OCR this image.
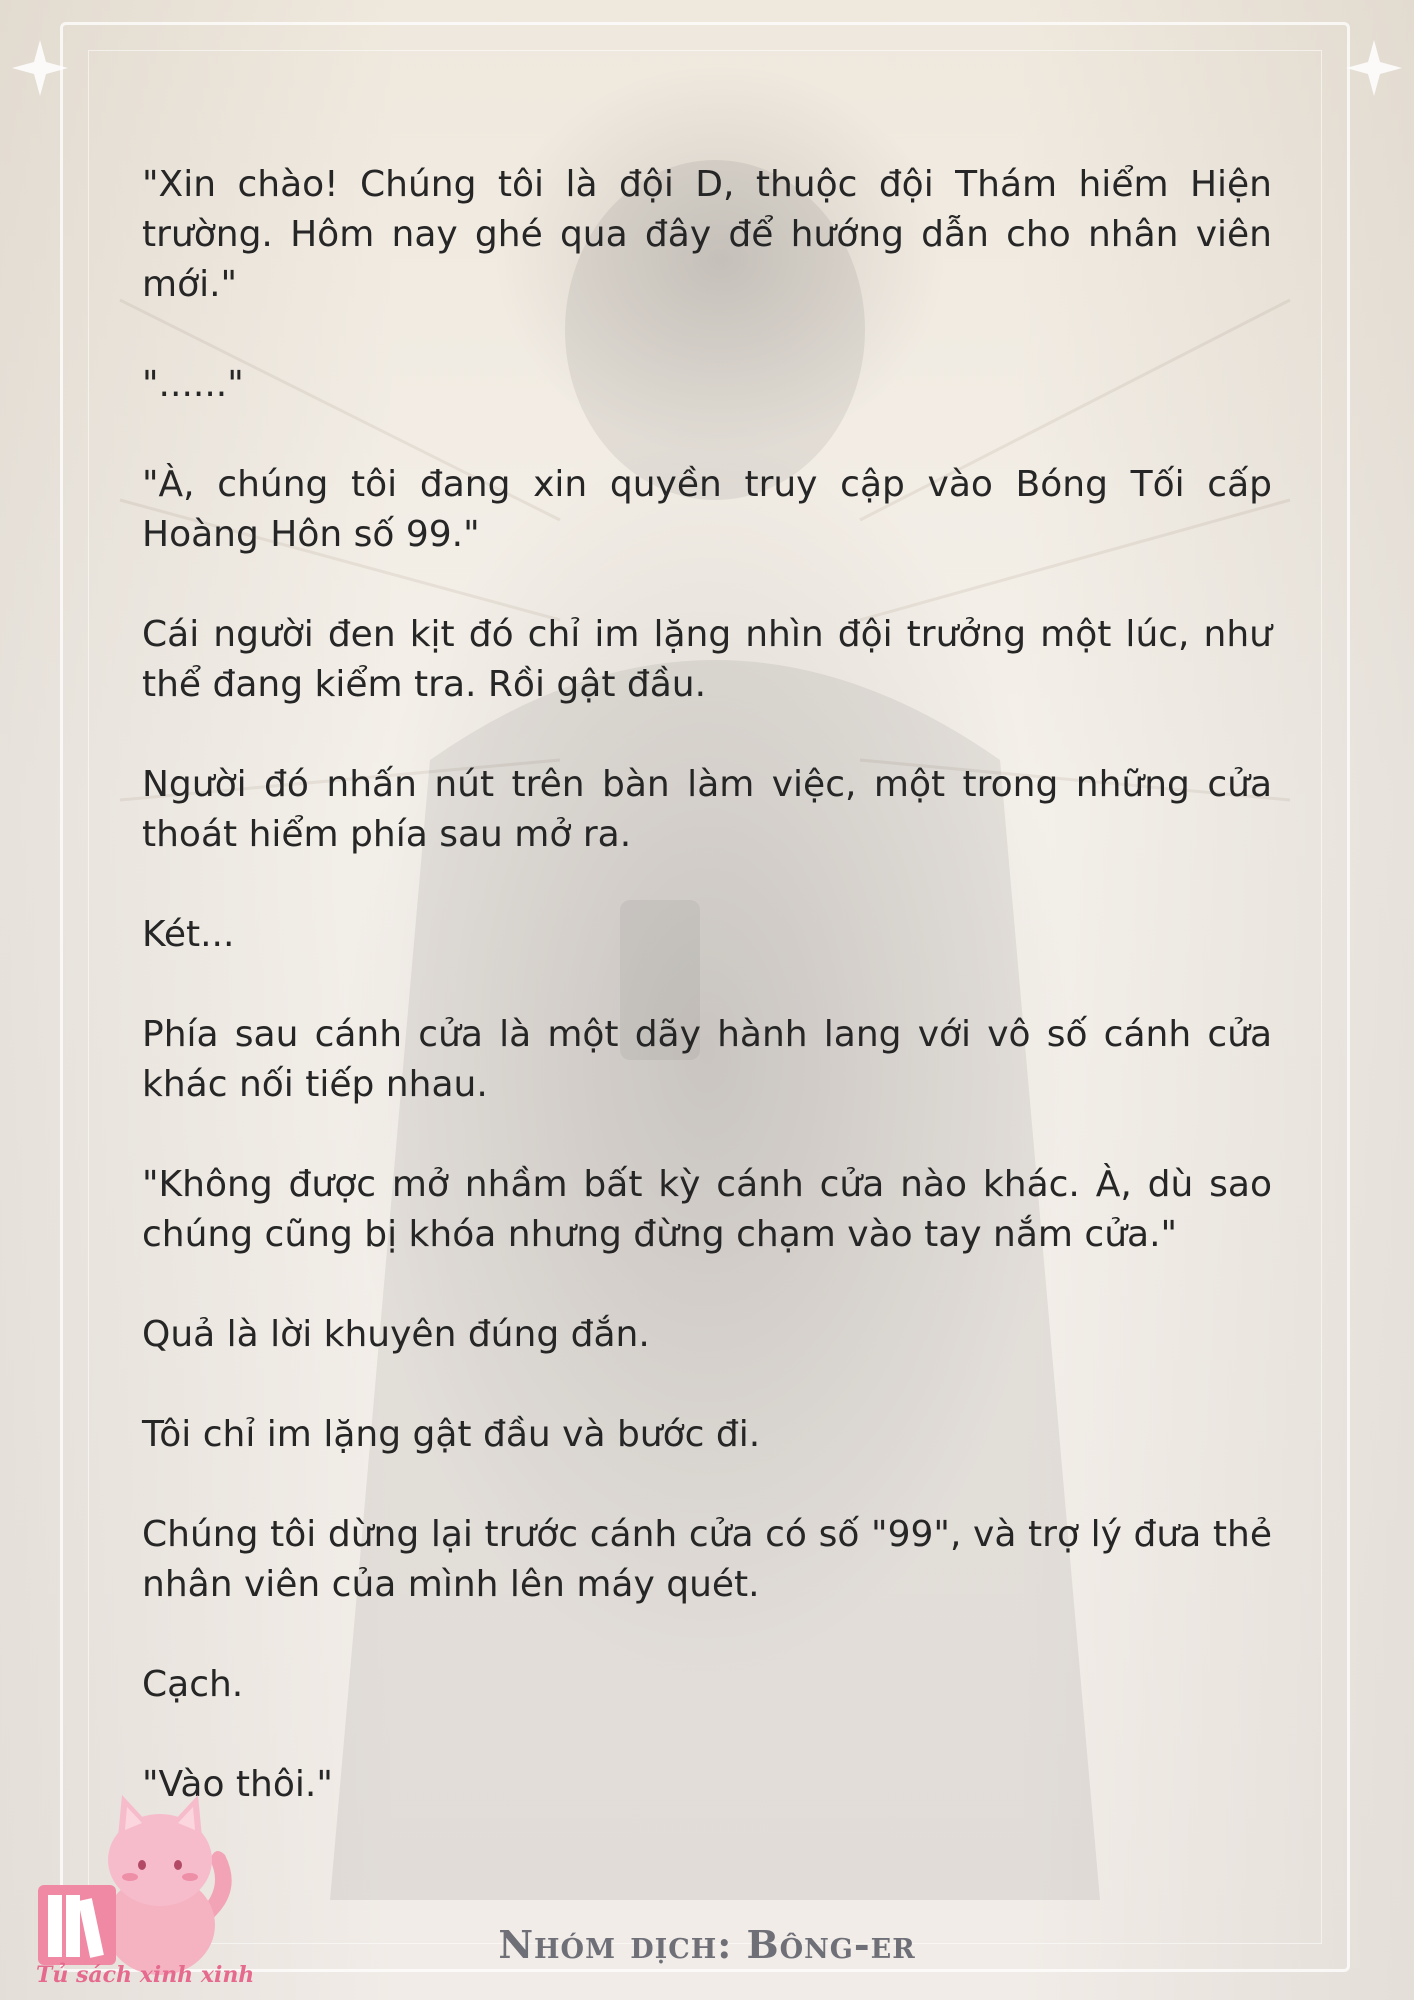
"Xin chào! Chúng tôi là đội D, thuộc đội Thám hiểm Hiện trường. Hôm nay ghé qua đây để hướng dẫn cho nhân viên mới."

"......"

"À, chúng tôi đang xin quyền truy cập vào Bóng Tối cấp Hoàng Hôn số 99."

Cái người đen kịt đó chỉ im lặng nhìn đội trưởng một lúc, như thể đang kiểm tra. Rồi gật đầu.

Người đó nhấn nút trên bàn làm việc, một trong những cửa thoát hiểm phía sau mở ra.

Két...

Phía sau cánh cửa là một dãy hành lang với vô số cánh cửa khác nối tiếp nhau.

"Không được mở nhầm bất kỳ cánh cửa nào khác. À, dù sao chúng cũng bị khóa nhưng đừng chạm vào tay nắm cửa."

Quả là lời khuyên đúng đắn.

Tôi chỉ im lặng gật đầu và bước đi.

Chúng tôi dừng lại trước cánh cửa có số "99", và trợ lý đưa thẻ nhân viên của mình lên máy quét.

Cạch.

"Vào thôi."

Tủ sách xinh xinh
Nhóm dịch: Bông-er
